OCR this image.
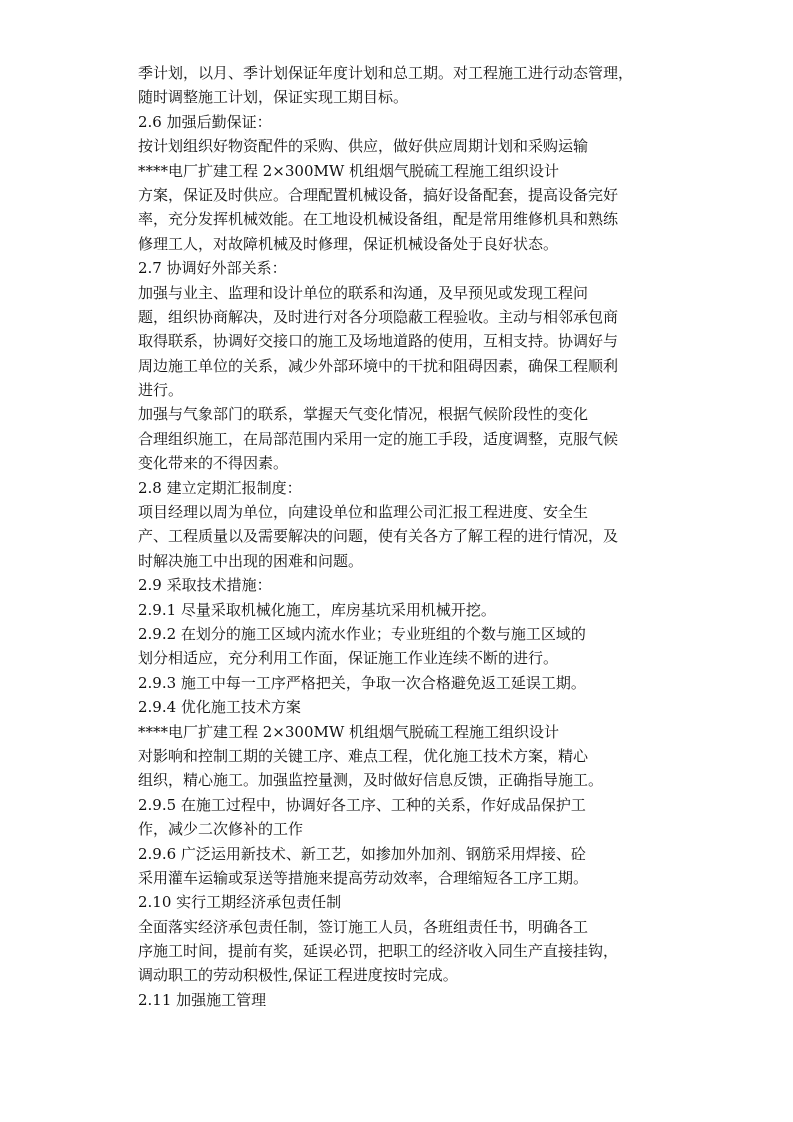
季计划，以月、季计划保证年度计划和总工期。对工程施工进行动态管理，
随时调整施工计划，保证实现工期目标。
2.6 加强后勤保证：
按计划组织好物资配件的采购、供应，做好供应周期计划和采购运输
****电厂扩建工程 2×300MW 机组烟气脱硫工程施工组织设计
方案，保证及时供应。合理配置机械设备，搞好设备配套，提高设备完好
率，充分发挥机械效能。在工地设机械设备组，配是常用维修机具和熟练
修理工人，对故障机械及时修理，保证机械设备处于良好状态。
2.7 协调好外部关系：
加强与业主、监理和设计单位的联系和沟通，及早预见或发现工程问
题，组织协商解决，及时进行对各分项隐蔽工程验收。主动与相邻承包商
取得联系，协调好交接口的施工及场地道路的使用，互相支持。协调好与
周边施工单位的关系，减少外部环境中的干扰和阻碍因素，确保工程顺利
进行。
加强与气象部门的联系，掌握天气变化情况，根据气候阶段性的变化
合理组织施工，在局部范围内采用一定的施工手段，适度调整，克服气候
变化带来的不得因素。
2.8 建立定期汇报制度：
项目经理以周为单位，向建设单位和监理公司汇报工程进度、安全生
产、工程质量以及需要解决的问题，使有关各方了解工程的进行情况，及
时解决施工中出现的困难和问题。
2.9 采取技术措施：
2.9.1 尽量采取机械化施工，库房基坑采用机械开挖。
2.9.2 在划分的施工区域内流水作业；专业班组的个数与施工区域的
划分相适应，充分利用工作面，保证施工作业连续不断的进行。
2.9.3 施工中每一工序严格把关，争取一次合格避免返工延误工期。
2.9.4 优化施工技术方案
****电厂扩建工程 2×300MW 机组烟气脱硫工程施工组织设计
对影响和控制工期的关键工序、难点工程，优化施工技术方案，精心
组织，精心施工。加强监控量测，及时做好信息反馈，正确指导施工。
2.9.5 在施工过程中，协调好各工序、工种的关系，作好成品保护工
作，减少二次修补的工作
2.9.6 广泛运用新技术、新工艺，如掺加外加剂、钢筋采用焊接、砼
采用灌车运输或泵送等措施来提高劳动效率，合理缩短各工序工期。
2.10 实行工期经济承包责任制
全面落实经济承包责任制，签订施工人员，各班组责任书，明确各工
序施工时间，提前有奖，延误必罚，把职工的经济收入同生产直接挂钩，
调动职工的劳动积极性,保证工程进度按时完成。
2.11 加强施工管理
